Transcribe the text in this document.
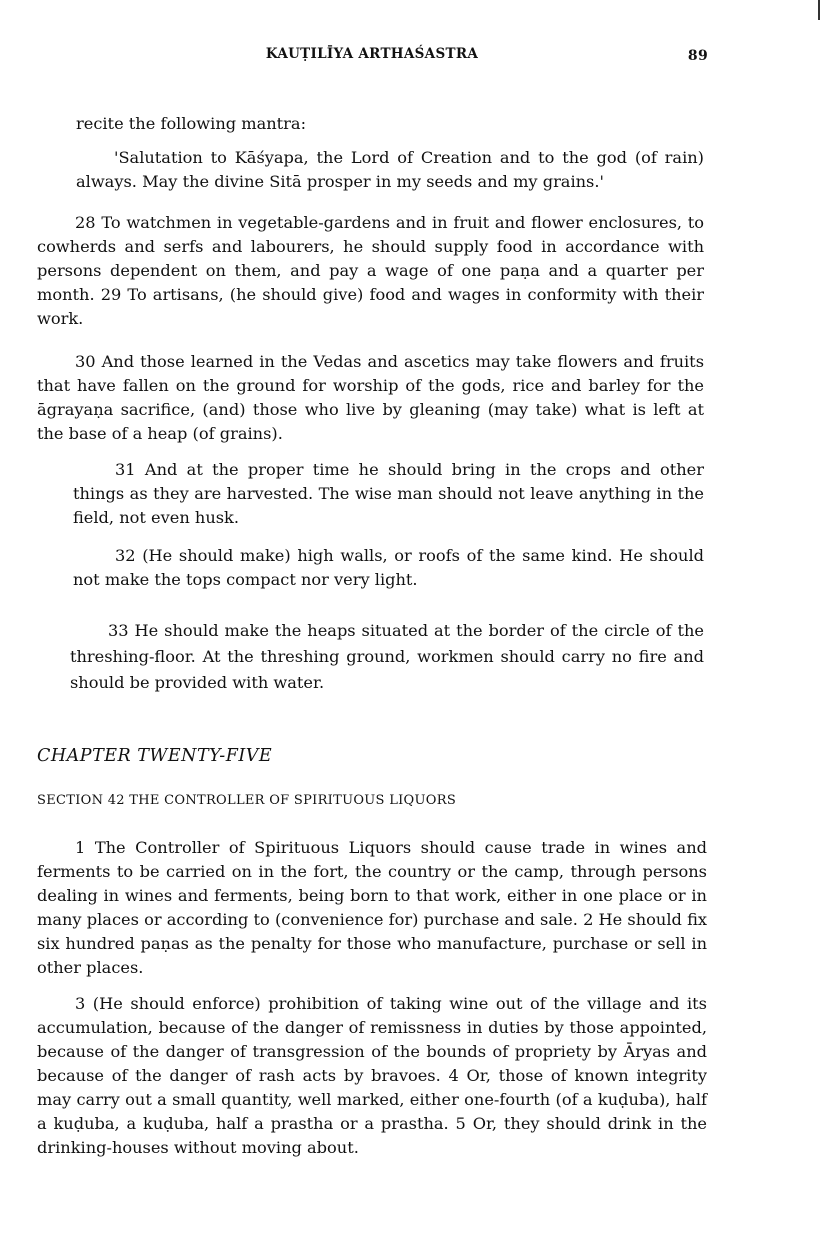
KAUṬILĪYA ARTHAŚASTRA	89

recite the following mantra:

'Salutation to Kāśyapa, the Lord of Creation and to the god (of rain) always. May the divine Sitā prosper in my seeds and my grains.'

28 To watchmen in vegetable-gardens and in fruit and flower enclosures, to cowherds and serfs and labourers, he should supply food in accordance with persons dependent on them, and pay a wage of one paṇa and a quarter per month. 29 To artisans, (he should give) food and wages in conformity with their work.

30 And those learned in the Vedas and ascetics may take flowers and fruits that have fallen on the ground for worship of the gods, rice and barley for the āgrayaṇa sacrifice, (and) those who live by gleaning (may take) what is left at the base of a heap (of grains).

31 And at the proper time he should bring in the crops and other things as they are harvested. The wise man should not leave anything in the field, not even husk.

32 (He should make) high walls, or roofs of the same kind. He should not make the tops compact nor very light.

33 He should make the heaps situated at the border of the circle of the threshing-floor. At the threshing ground, workmen should carry no fire and should be provided with water.

CHAPTER TWENTY-FIVE
SECTION 42 THE CONTROLLER OF SPIRITUOUS LIQUORS

1 The Controller of Spirituous Liquors should cause trade in wines and ferments to be carried on in the fort, the country or the camp, through persons dealing in wines and ferments, being born to that work, either in one place or in many places or according to (convenience for) purchase and sale. 2 He should fix six hundred paṇas as the penalty for those who manufacture, purchase or sell in other places.

3 (He should enforce) prohibition of taking wine out of the village and its accumulation, because of the danger of remissness in duties by those appointed, because of the danger of transgression of the bounds of propriety by Āryas and because of the danger of rash acts by bravoes. 4 Or, those of known integrity may carry out a small quantity, well marked, either one-fourth (of a kuḍuba), half a kuḍuba, a kuḍuba, half a prastha or a prastha. 5 Or, they should drink in the drinking-houses without moving about.
